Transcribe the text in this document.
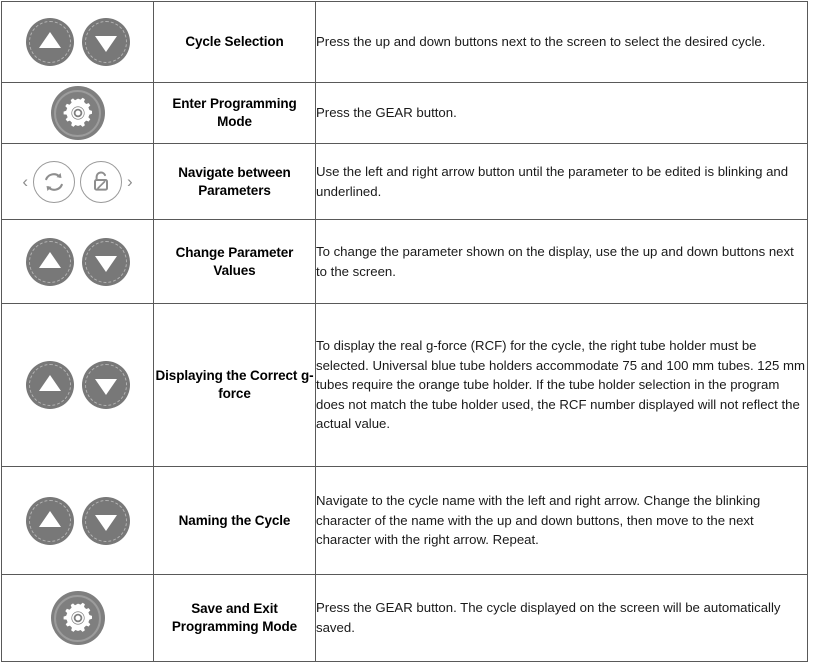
	Cycle Selection	Press the up and down buttons next to the screen to select the desired cycle.

	Enter Programming Mode	Press the GEAR button.

‹ ›	Navigate between Parameters	Use the left and right arrow button until the parameter to be edited is blinking and underlined.

	Change Parameter Values	To change the parameter shown on the display, use the up and down buttons next to the screen.

	Displaying the Correct g-force	To display the real g-force (RCF) for the cycle, the right tube holder must be selected. Universal blue tube holders accommodate 75 and 100 mm tubes. 125 mm tubes require the orange tube holder. If the tube holder selection in the program does not match the tube holder used, the RCF number displayed will not reflect the actual value.

	Naming the Cycle	Navigate to the cycle name with the left and right arrow. Change the blinking character of the name with the up and down buttons, then move to the next character with the right arrow. Repeat.

	Save and Exit Programming Mode	Press the GEAR button. The cycle displayed on the screen will be automatically saved.
